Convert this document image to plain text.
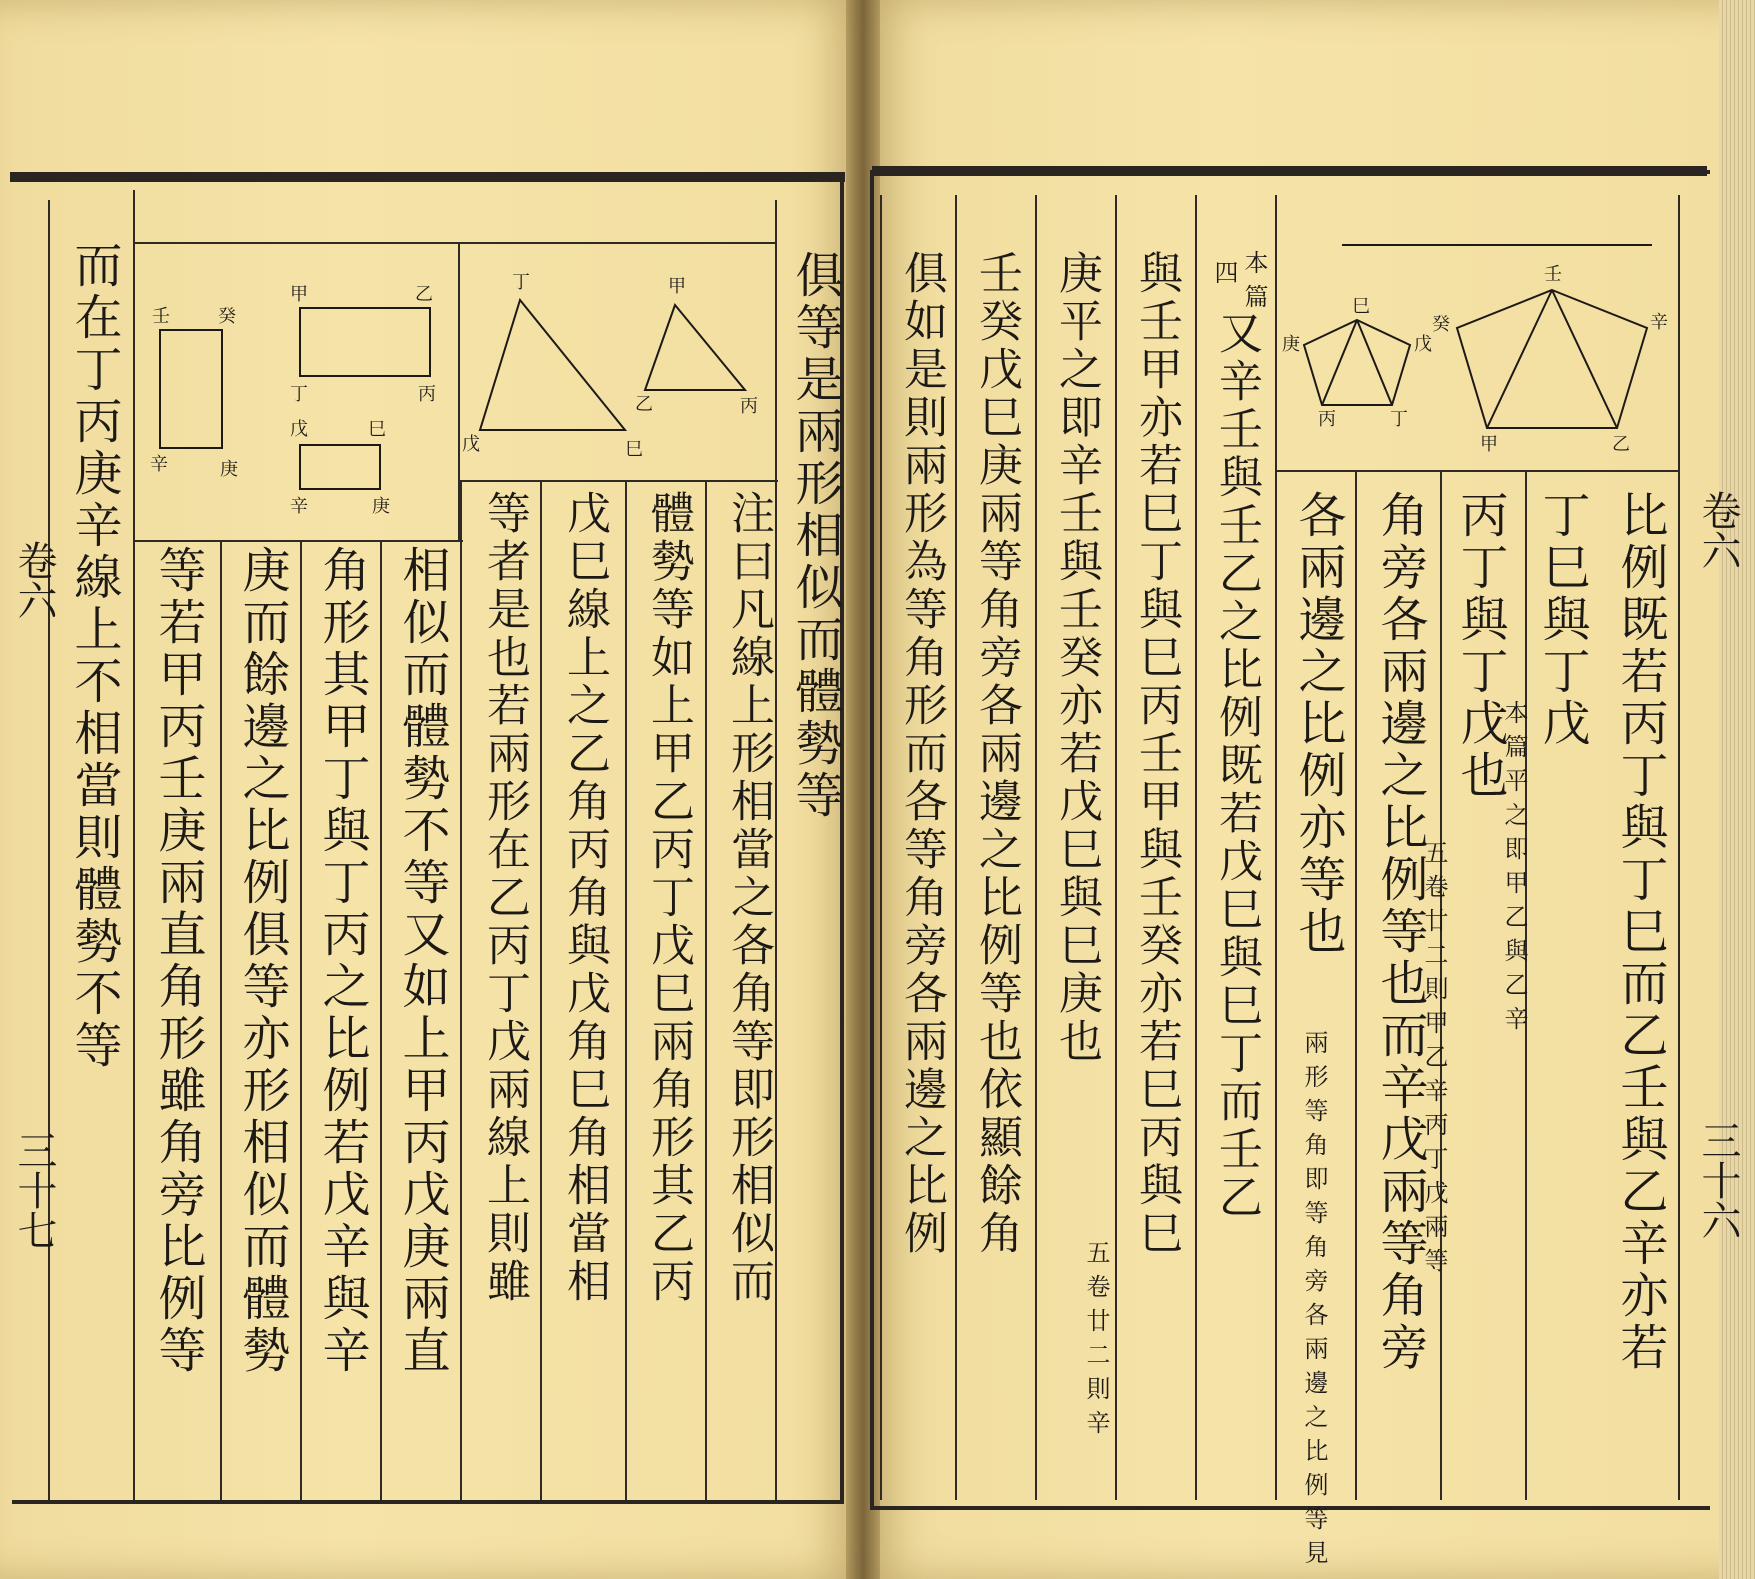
而在丁丙庚辛線上不相當則體勢不等 等若甲丙壬庚兩直角形雖角旁比例等 庚而餘邊之比例俱等亦形相似而體勢 角形其甲丁與丁丙之比例若戊辛與辛 相似而體勢不等又如上甲丙戊庚兩直 等者是也若兩形在乙丙丁戊兩線上則雖 戊巳線上之乙角丙角與戊角巳角相當相 體勢等如上甲乙丙丁戊巳兩角形其乙丙 注曰凡線上形相當之各角等即形相似而 俱等是兩形相似而體勢等
壬	癸
甲	乙
丁	丙
辛	庚
戊	巳
辛	庚
丁
戊	巳
甲
乙	丙
比例既若丙丁與丁巳而乙壬與乙辛亦若
丁巳與丁戊
本篇平之即甲乙與乙辛
丙丁與丁戊也
五卷廿二則甲乙辛丙丁戊兩等
角旁各兩邊之比例等也而辛戊兩等角旁
各兩邊之比例亦等也
兩形等角即等角旁各兩邊之比例等見
四
又辛壬與壬乙之比例既若戊巳與巳丁而壬乙
與壬甲亦若巳丁與巳丙壬甲與壬癸亦若巳丙與巳
庚平之即辛壬與壬癸亦若戊巳與巳庚也
五卷廿二則辛
壬癸戊巳庚兩等角旁各兩邊之比例等也依顯餘角
俱如是則兩形為等角形而各等角旁各兩邊之比例	本篇	壬
辛
乙
甲
癸
巳
戊
丁
丙
庚
卷六
三十六
卷六
三十七
